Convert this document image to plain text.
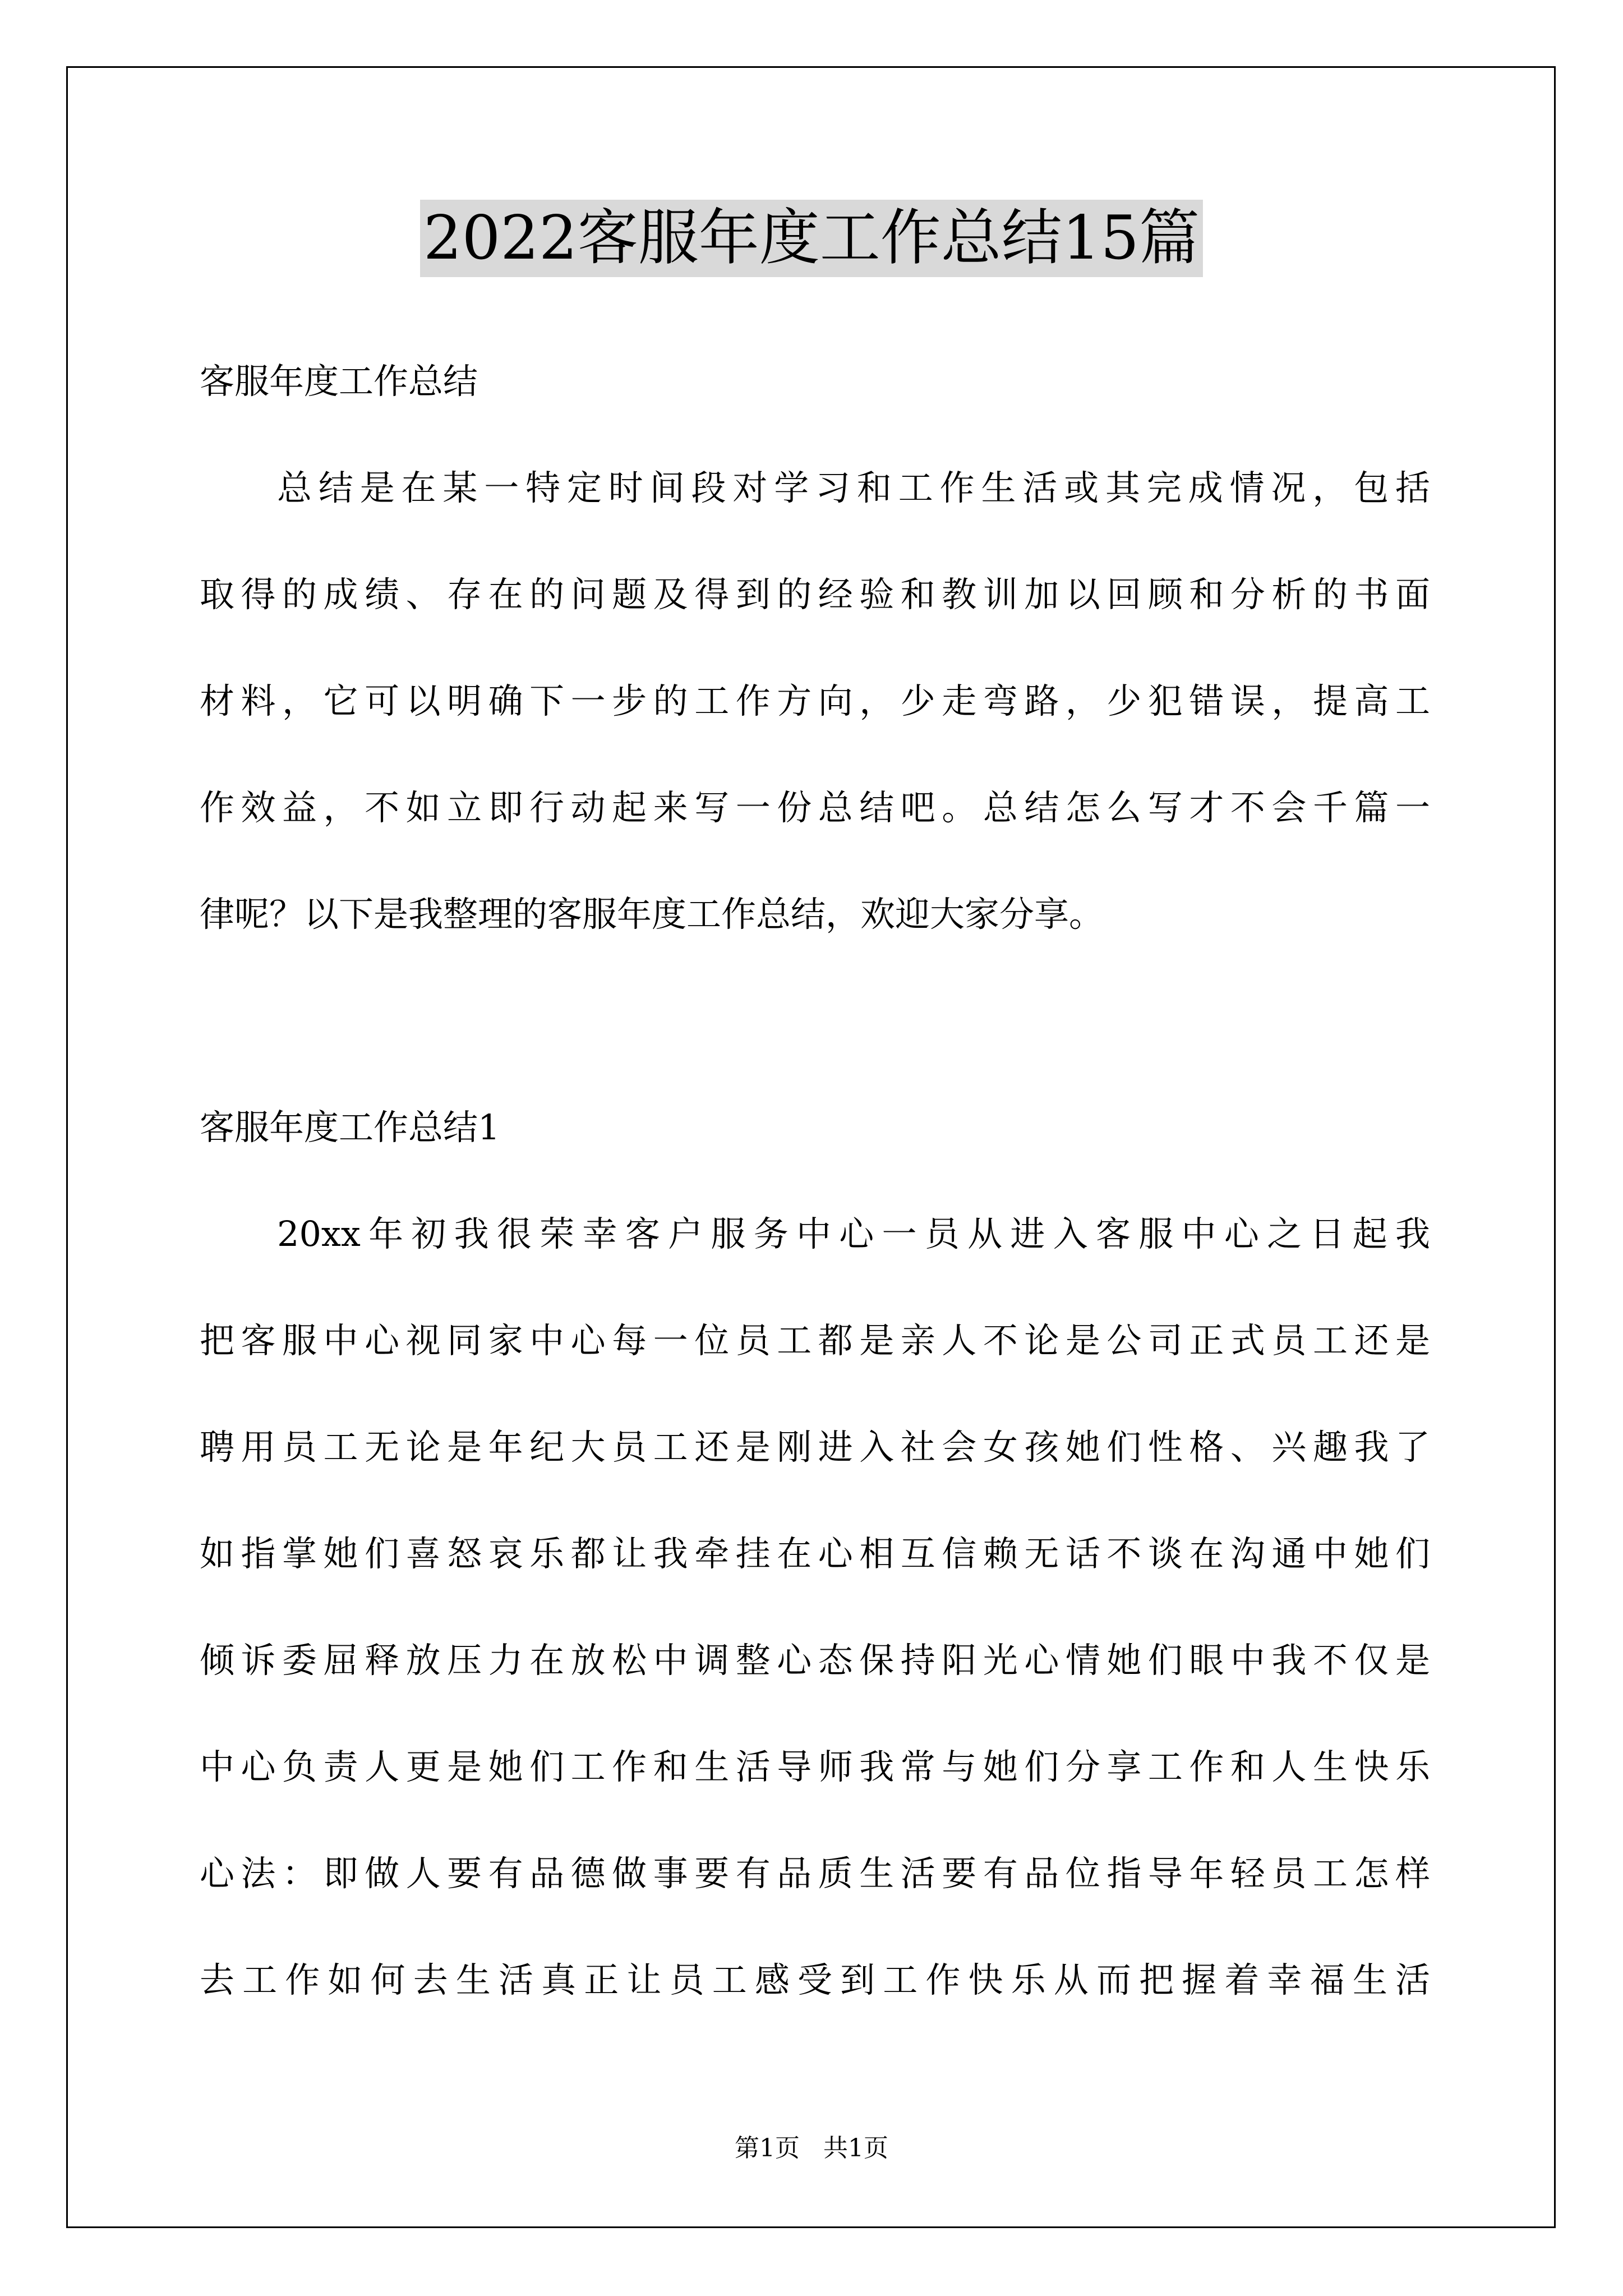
2022客服年度工作总结15篇
客服年度工作总结
总结是在某一特定时间段对学习和工作生活或其完成情况，包括
取得的成绩、存在的问题及得到的经验和教训加以回顾和分析的书面
材料，它可以明确下一步的工作方向，少走弯路，少犯错误，提高工
作效益，不如立即行动起来写一份总结吧。总结怎么写才不会千篇一
律呢？以下是我整理的客服年度工作总结，欢迎大家分享。
客服年度工作总结1
20xx年初我很荣幸客户服务中心一员从进入客服中心之日起我
把客服中心视同家中心每一位员工都是亲人不论是公司正式员工还是
聘用员工无论是年纪大员工还是刚进入社会女孩她们性格、兴趣我了
如指掌她们喜怒哀乐都让我牵挂在心相互信赖无话不谈在沟通中她们
倾诉委屈释放压力在放松中调整心态保持阳光心情她们眼中我不仅是
中心负责人更是她们工作和生活导师我常与她们分享工作和人生快乐
心法：即做人要有品德做事要有品质生活要有品位指导年轻员工怎样
去工作如何去生活真正让员工感受到工作快乐从而把握着幸福生活
第1页   共1页
